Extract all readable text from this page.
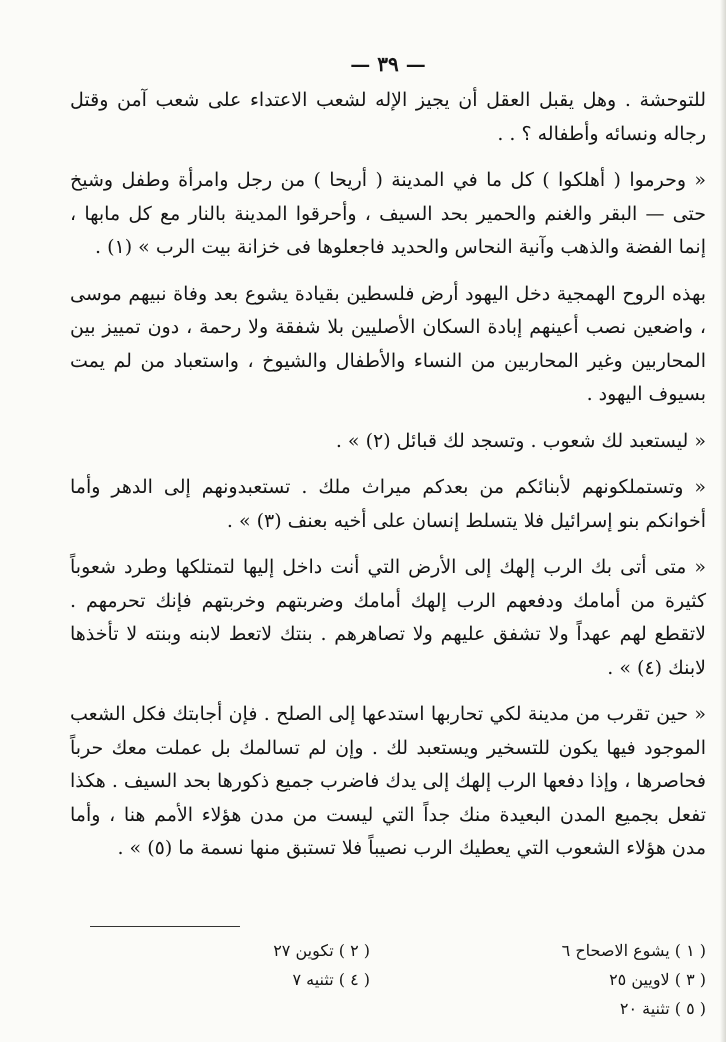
— ٣٩ —

للتوحشة . وهل يقبل العقل أن يجيز الإله لشعب الاعتداء على شعب آمن وقتل رجاله ونسائه وأطفاله ؟ . .

« وحرموا ( أهلكوا ) كل ما في المدينة ( أريحا ) من رجل وامرأة وطفل وشيخ حتى — البقر والغنم والحمير بحد السيف ، وأحرقوا المدينة بالنار مع كل مابها ، إنما الفضة والذهب وآنية النحاس والحديد فاجعلوها فى خزانة بيت الرب » (١) .

بهذه الروح الهمجية دخل اليهود أرض فلسطين بقيادة يشوع بعد وفاة نبيهم موسى ، واضعين نصب أعينهم إبادة السكان الأصليين بلا شفقة ولا رحمة ، دون تمييز بين المحاربين وغير المحاربين من النساء والأطفال والشيوخ ، واستعباد من لم يمت بسيوف اليهود .

« ليستعبد لك شعوب . وتسجد لك قبائل (٢) » .

« وتستملكونهم لأبنائكم من بعدكم ميراث ملك . تستعبدونهم إلى الدهر وأما أخوانكم بنو إسرائيل فلا يتسلط إنسان على أخيه بعنف (٣) » .

« متى أتى بك الرب إلهك إلى الأرض التي أنت داخل إليها لتمتلكها وطرد شعوباً كثيرة من أمامك ودفعهم الرب إلهك أمامك وضربتهم وخربتهم فإنك تحرمهم . لاتقطع لهم عهداً ولا تشفق عليهم ولا تصاهرهم . بنتك لاتعط لابنه وبنته لا تأخذها لابنك (٤) » .

« حين تقرب من مدينة لكي تحاربها استدعها إلى الصلح . فإن أجابتك فكل الشعب الموجود فيها يكون للتسخير ويستعبد لك . وإن لم تسالمك بل عملت معك حرباً فحاصرها ، وإذا دفعها الرب إلهك إلى يدك فاضرب جميع ذكورها بحد السيف . هكذا تفعل بجميع المدن البعيدة منك جداً التي ليست من مدن هؤلاء الأمم هنا ، وأما مدن هؤلاء الشعوب التي يعطيك الرب نصيباً فلا تستبق منها نسمة ما (٥) » .

( ١ ) يشوع الاصحاح ٦
( ٢ ) تكوين ٢٧
( ٣ ) لاويين ٢٥
( ٤ ) تثنيه ٧
( ٥ ) تثنية ٢٠
